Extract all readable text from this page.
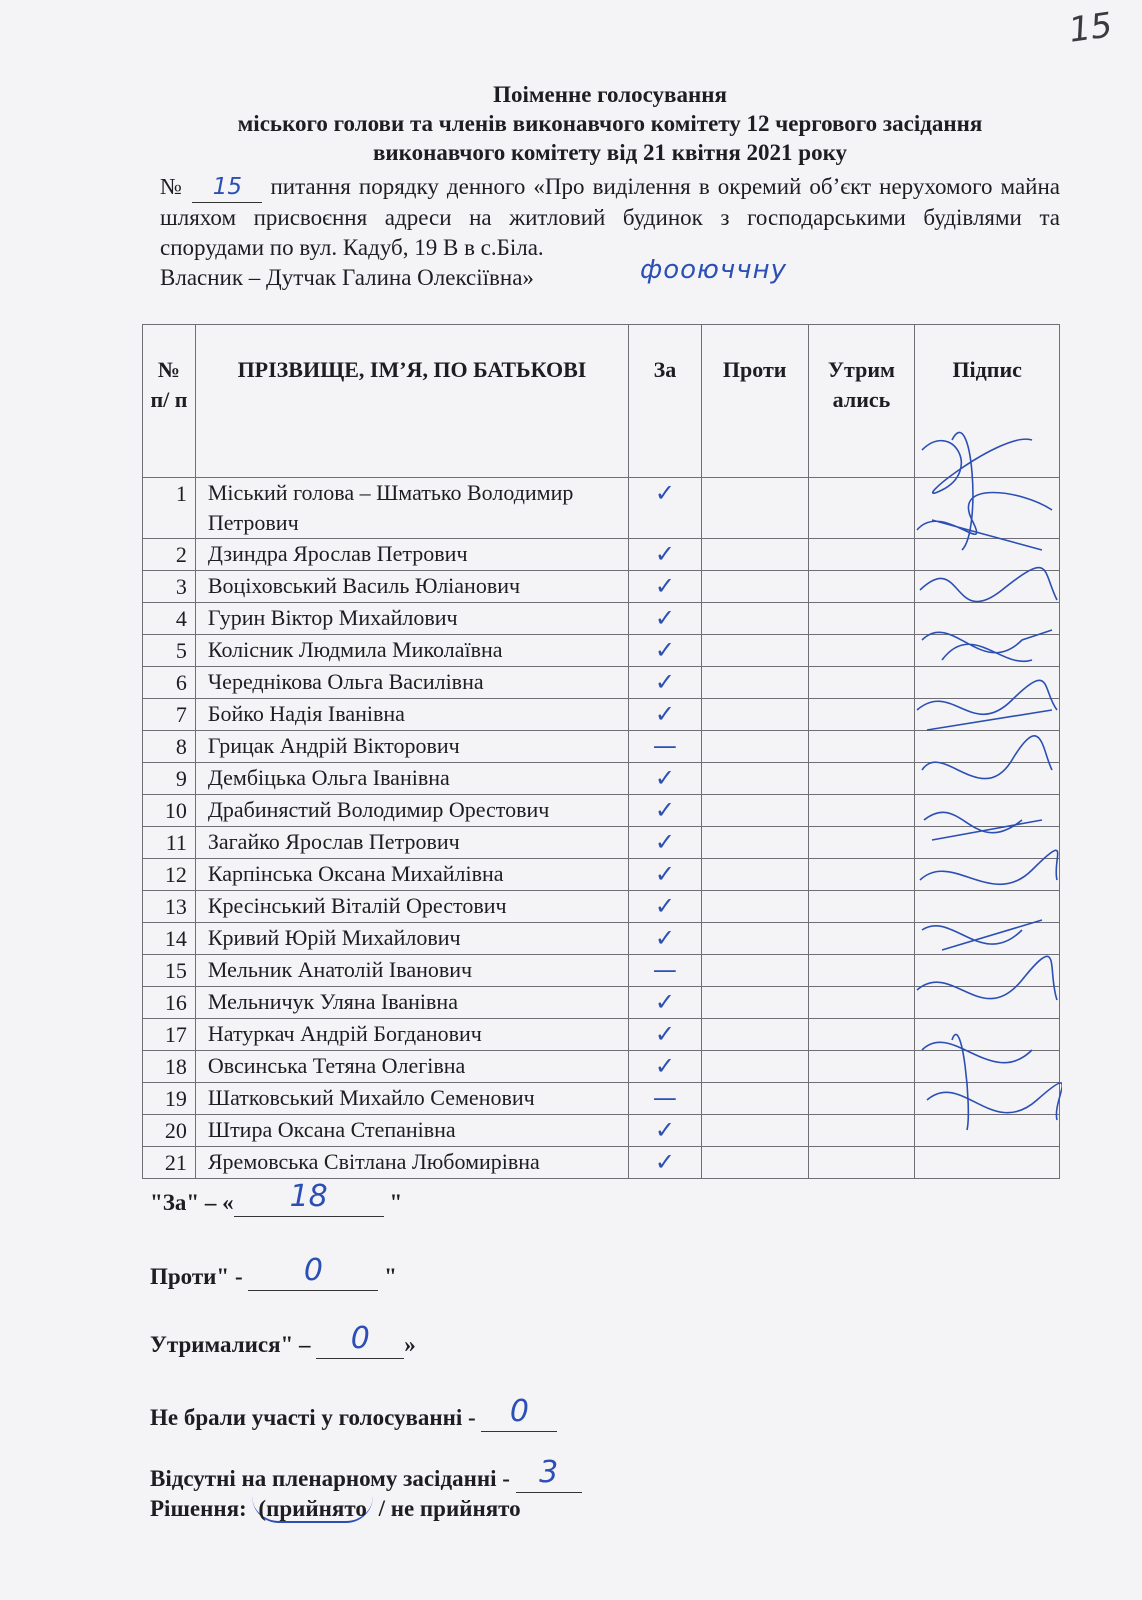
15
Поіменне голосування
міського голови та членів виконавчого комітету 12 чергового засідання
виконавчого комітету від 21 квітня 2021 року
№ 15 питання порядку денного «Про виділення в окремий об’єкт нерухомого майна шляхом присвоєння адреси на житловий будинок з господарськими будівлями та спорудами по вул. Кадуб, 19 В в с.Біла.
Власник – Дутчак Галина Олексіївна»	фооюччну
№ п/ п	ПРІЗВИЩЕ, ІМ’Я, ПО БАТЬКОВІ	За	Проти	Утрим ались	Підпис
1	Міський голова – Шматько Володимир Петрович	✓			
2	Дзиндра Ярослав Петрович	✓			
3	Воціховський Василь Юліанович	✓			
4	Гурин Віктор Михайлович	✓			
5	Колісник Людмила Миколаївна	✓			
6	Череднікова Ольга Василівна	✓			
7	Бойко Надія Іванівна	✓			
8	Грицак Андрій Вікторович	—			
9	Дембіцька Ольга Іванівна	✓			
10	Драбинястий Володимир Орестович	✓			
11	Загайко Ярослав Петрович	✓			
12	Карпінська Оксана Михайлівна	✓			
13	Кресінський Віталій Орестович	✓			
14	Кривий Юрій Михайлович	✓			
15	Мельник Анатолій Іванович	—			
16	Мельничук Уляна Іванівна	✓			
17	Натуркач Андрій Богданович	✓			
18	Овсинська Тетяна Олегівна	✓			
19	Шатковський Михайло Семенович	—			
20	Штира Оксана Степанівна	✓			
21	Яремовська Світлана Любомирівна	✓			
"За" – «	18	"
Проти" -	0	"
Утрималися" –	0	»
Не брали участі у голосуванні - 0
Відсутні на пленарному засіданні - 3
Рішення: (прийнято / не прийнято
